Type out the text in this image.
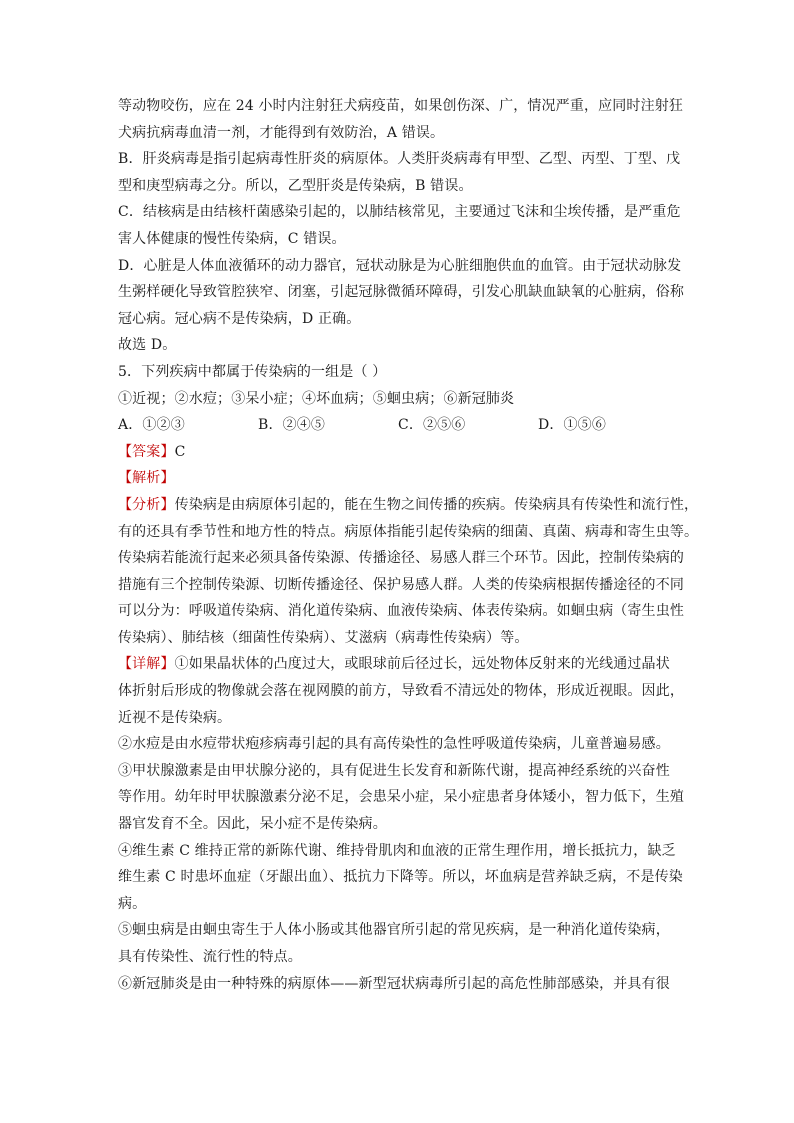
等动物咬伤，应在 24 小时内注射狂犬病疫苗，如果创伤深、广，情况严重，应同时注射狂
犬病抗病毒血清一剂，才能得到有效防治，A 错误。
B．肝炎病毒是指引起病毒性肝炎的病原体。人类肝炎病毒有甲型、乙型、丙型、丁型、戊
型和庚型病毒之分。所以，乙型肝炎是传染病，B 错误。
C．结核病是由结核杆菌感染引起的，以肺结核常见，主要通过飞沫和尘埃传播，是严重危
害人体健康的慢性传染病，C 错误。
D．心脏是人体血液循环的动力器官，冠状动脉是为心脏细胞供血的血管。由于冠状动脉发
生粥样硬化导致管腔狭窄、闭塞，引起冠脉微循环障碍，引发心肌缺血缺氧的心脏病，俗称
冠心病。冠心病不是传染病，D 正确。
故选 D。
5．下列疾病中都属于传染病的一组是（ ）
①近视；②水痘；③呆小症；④坏血病；⑤蛔虫病；⑥新冠肺炎
A．①②③	B．②④⑤	C．②⑤⑥	D．①⑤⑥
【答案】C
【解析】
【分析】传染病是由病原体引起的，能在生物之间传播的疾病。传染病具有传染性和流行性，
有的还具有季节性和地方性的特点。病原体指能引起传染病的细菌、真菌、病毒和寄生虫等。
传染病若能流行起来必须具备传染源、传播途径、易感人群三个环节。因此，控制传染病的
措施有三个控制传染源、切断传播途径、保护易感人群。人类的传染病根据传播途径的不同
可以分为：呼吸道传染病、消化道传染病、血液传染病、体表传染病。如蛔虫病（寄生虫性
传染病）、肺结核（细菌性传染病）、艾滋病（病毒性传染病）等。
【详解】①如果晶状体的凸度过大，或眼球前后径过长，远处物体反射来的光线通过晶状
体折射后形成的物像就会落在视网膜的前方，导致看不清远处的物体，形成近视眼。因此，
近视不是传染病。
②水痘是由水痘带状疱疹病毒引起的具有高传染性的急性呼吸道传染病，儿童普遍易感。
③甲状腺激素是由甲状腺分泌的，具有促进生长发育和新陈代谢，提高神经系统的兴奋性
等作用。幼年时甲状腺激素分泌不足，会患呆小症，呆小症患者身体矮小，智力低下，生殖
器官发育不全。因此，呆小症不是传染病。
④维生素 C 维持正常的新陈代谢、维持骨肌肉和血液的正常生理作用，增长抵抗力，缺乏
维生素 C 时患坏血症（牙龈出血）、抵抗力下降等。所以，坏血病是营养缺乏病，不是传染
病。
⑤蛔虫病是由蛔虫寄生于人体小肠或其他器官所引起的常见疾病，是一种消化道传染病，
具有传染性、流行性的特点。
⑥新冠肺炎是由一种特殊的病原体——新型冠状病毒所引起的高危性肺部感染，并具有很
